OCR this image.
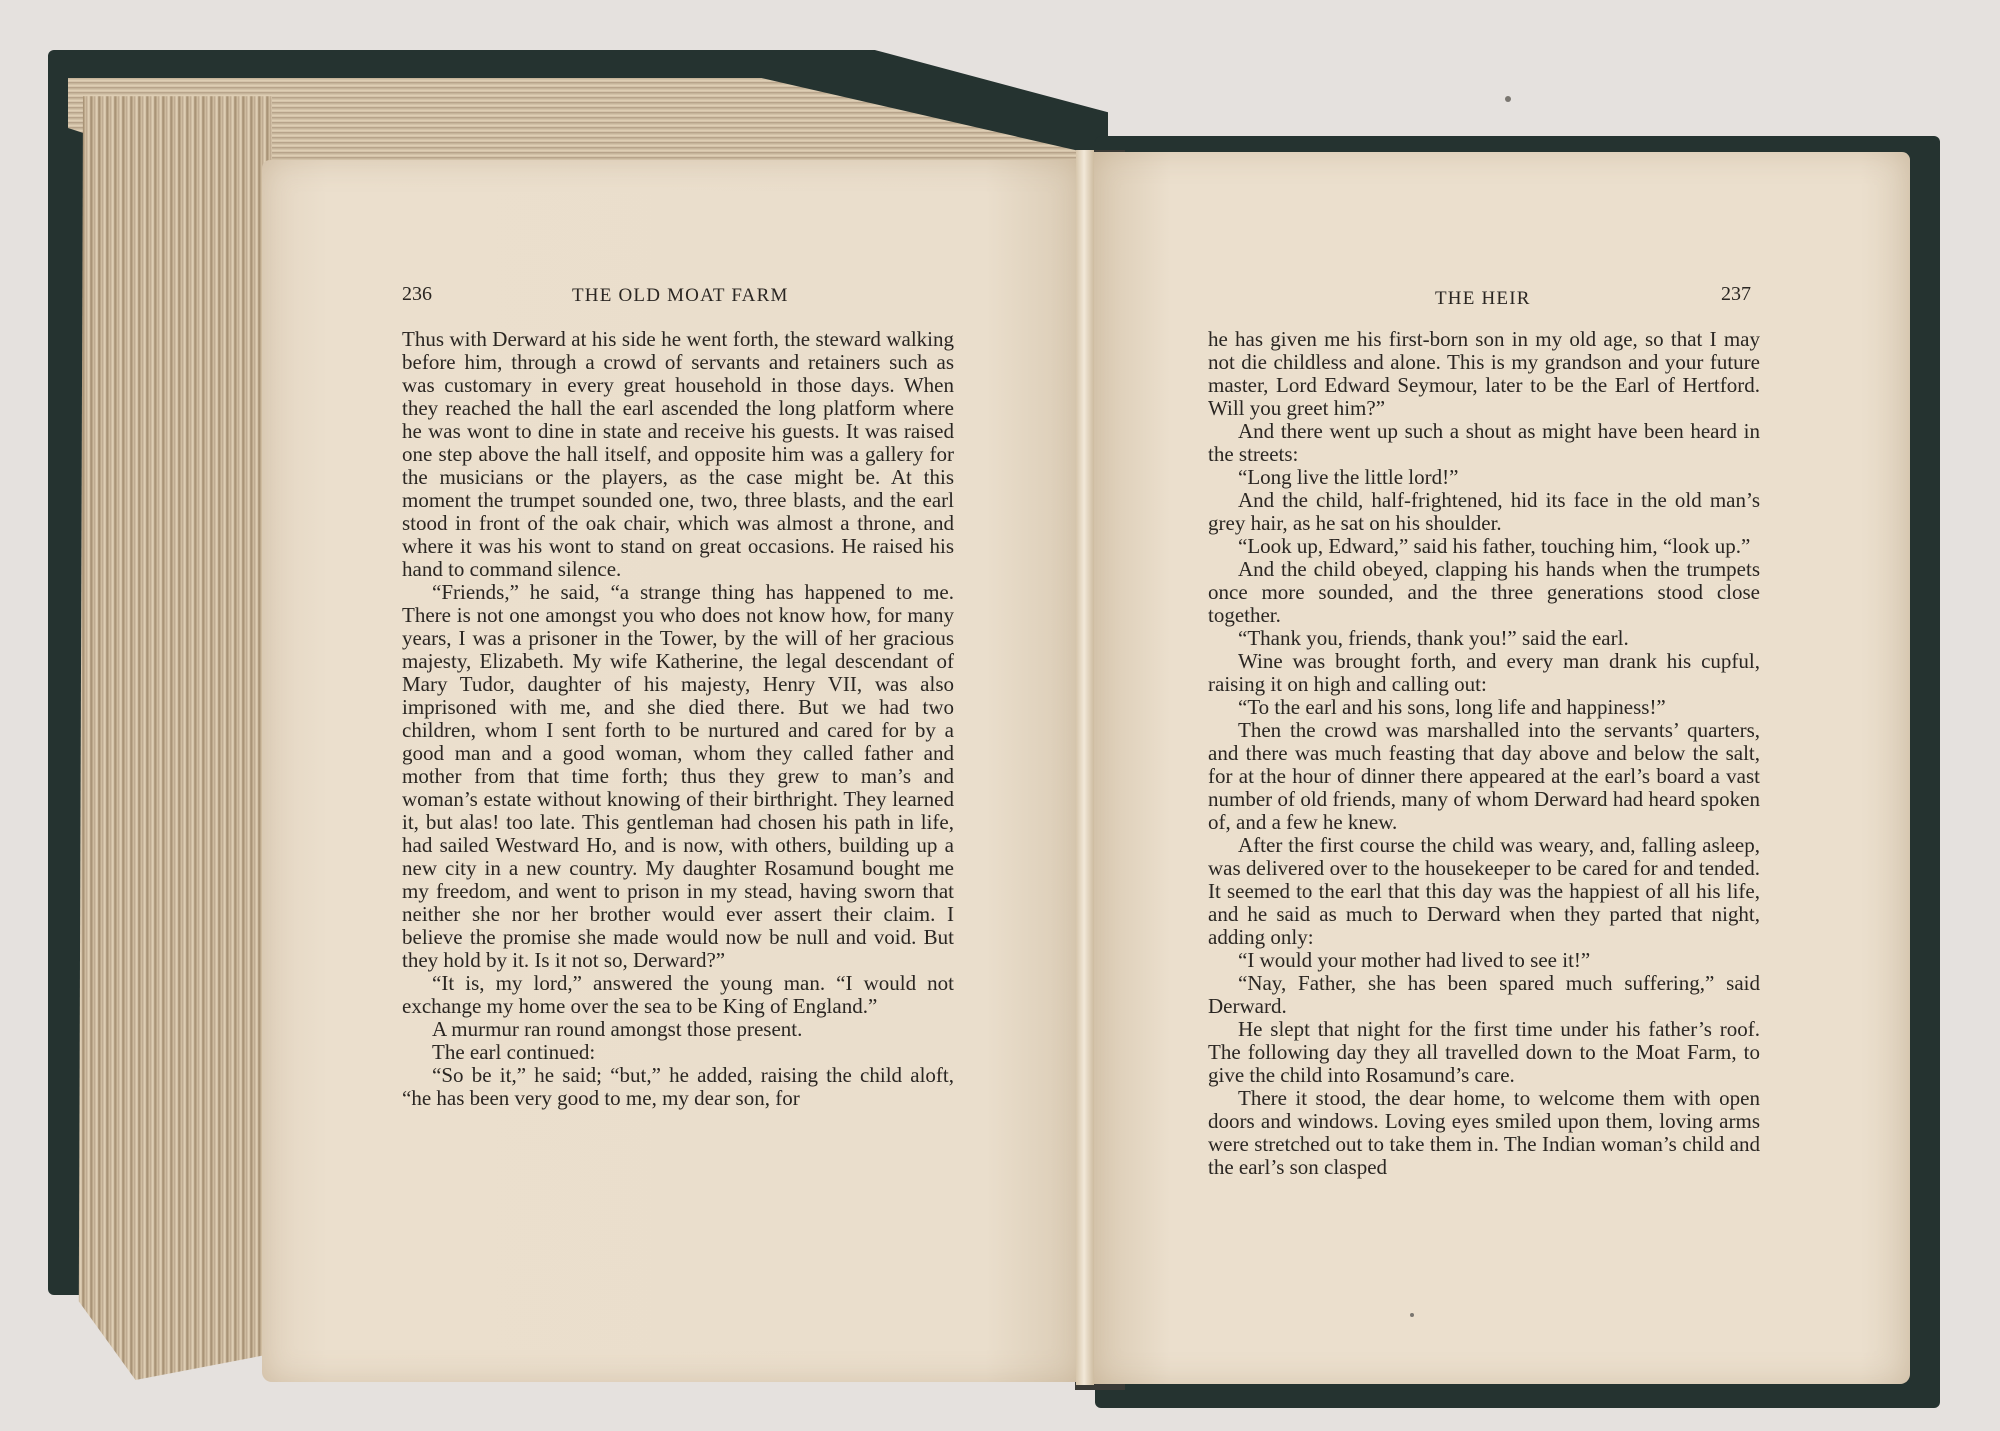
236	THE OLD MOAT FARM	THE HEIR	237

Thus with Derward at his side he went forth, the steward walking before him, through a crowd of servants and retainers such as was customary in every great household in those days. When they reached the hall the earl ascended the long platform where he was wont to dine in state and receive his guests. It was raised one step above the hall itself, and opposite him was a gallery for the musicians or the players, as the case might be. At this moment the trumpet sounded one, two, three blasts, and the earl stood in front of the oak chair, which was almost a throne, and where it was his wont to stand on great occasions. He raised his hand to command silence.

“Friends,” he said, “a strange thing has happened to me. There is not one amongst you who does not know how, for many years, I was a prisoner in the Tower, by the will of her gracious majesty, Elizabeth. My wife Katherine, the legal descendant of Mary Tudor, daughter of his majesty, Henry VII, was also imprisoned with me, and she died there. But we had two children, whom I sent forth to be nurtured and cared for by a good man and a good woman, whom they called father and mother from that time forth; thus they grew to man’s and woman’s estate without knowing of their birthright. They learned it, but alas! too late. This gentleman had chosen his path in life, had sailed Westward Ho, and is now, with others, building up a new city in a new country. My daughter Rosamund bought me my freedom, and went to prison in my stead, having sworn that neither she nor her brother would ever assert their claim. I believe the promise she made would now be null and void. But they hold by it. Is it not so, Derward?”

“It is, my lord,” answered the young man. “I would not exchange my home over the sea to be King of England.”

A murmur ran round amongst those present.

The earl continued:

“So be it,” he said; “but,” he added, raising the child aloft, “he has been very good to me, my dear son, for

he has given me his first-born son in my old age, so that I may not die childless and alone. This is my grandson and your future master, Lord Edward Seymour, later to be the Earl of Hertford. Will you greet him?”

And there went up such a shout as might have been heard in the streets:

“Long live the little lord!”

And the child, half-frightened, hid its face in the old man’s grey hair, as he sat on his shoulder.

“Look up, Edward,” said his father, touching him, “look up.”

And the child obeyed, clapping his hands when the trumpets once more sounded, and the three generations stood close together.

“Thank you, friends, thank you!” said the earl.

Wine was brought forth, and every man drank his cupful, raising it on high and calling out:

“To the earl and his sons, long life and happiness!”

Then the crowd was marshalled into the servants’ quarters, and there was much feasting that day above and below the salt, for at the hour of dinner there appeared at the earl’s board a vast number of old friends, many of whom Derward had heard spoken of, and a few he knew.

After the first course the child was weary, and, falling asleep, was delivered over to the housekeeper to be cared for and tended. It seemed to the earl that this day was the happiest of all his life, and he said as much to Derward when they parted that night, adding only:

“I would your mother had lived to see it!”

“Nay, Father, she has been spared much suffering,” said Derward.

He slept that night for the first time under his father’s roof. The following day they all travelled down to the Moat Farm, to give the child into Rosamund’s care.

There it stood, the dear home, to welcome them with open doors and windows. Loving eyes smiled upon them, loving arms were stretched out to take them in. The Indian woman’s child and the earl’s son clasped
